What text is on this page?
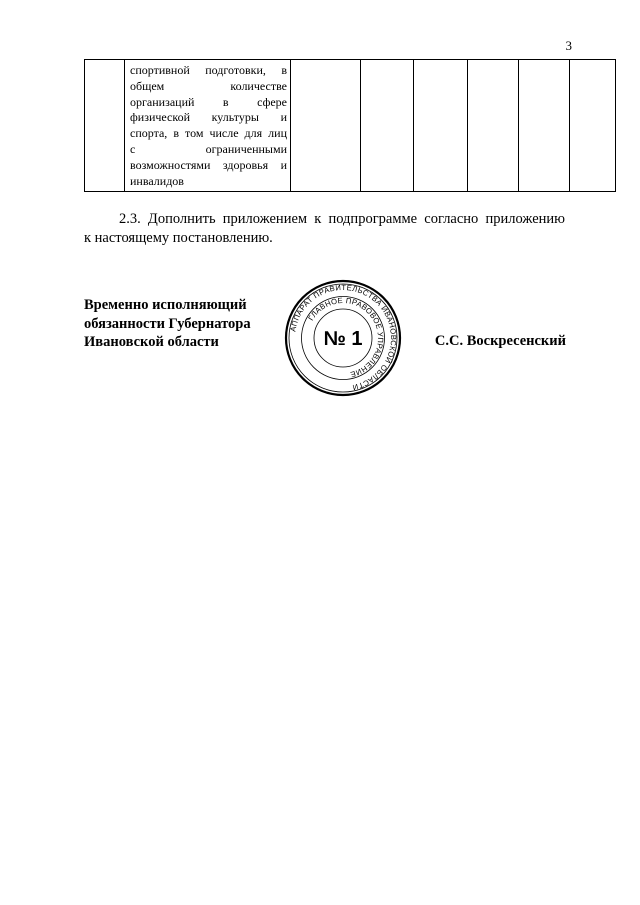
3

спортивной подготовки, в
общем количестве
организаций в сфере
физической культуры и
спорта, в том числе для лиц
с ограниченными
возможностями здоровья и
инвалидов

2.3. Дополнить приложением к подпрограмме согласно приложению
к настоящему постановлению.
Временно исполняющий
обязанности Губернатора
Ивановской области
АППАРАТ ПРАВИТЕЛЬСТВА ИВАНОВСКОЙ ОБЛАСТИ
ГЛАВНОЕ ПРАВОВОЕ УПРАВЛЕНИЕ
№ 1	С.С. Воскресенский
